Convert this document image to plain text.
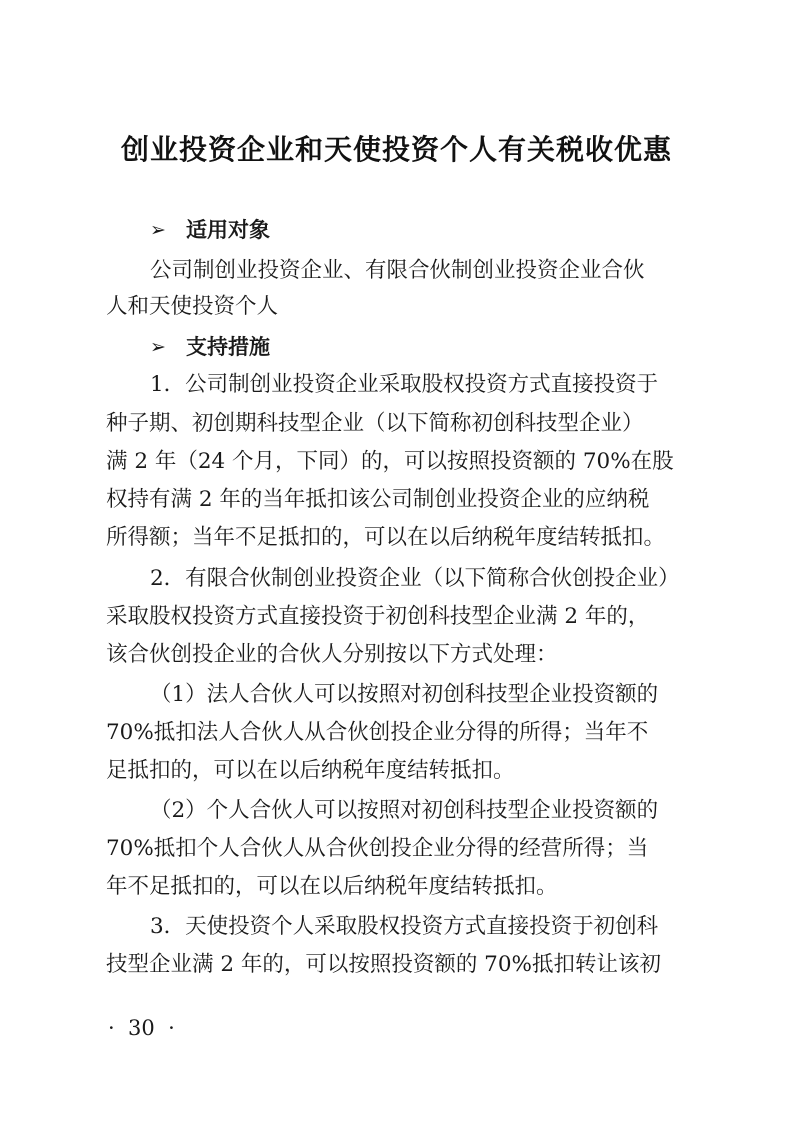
创业投资企业和天使投资个人有关税收优惠
➢ 适用对象
公司制创业投资企业、有限合伙制创业投资企业合伙
人和天使投资个人
➢ 支持措施
1．公司制创业投资企业采取股权投资方式直接投资于
种子期、初创期科技型企业（以下简称初创科技型企业）
满 2 年（24 个月，下同）的，可以按照投资额的 70%在股
权持有满 2 年的当年抵扣该公司制创业投资企业的应纳税
所得额；当年不足抵扣的，可以在以后纳税年度结转抵扣。
2．有限合伙制创业投资企业（以下简称合伙创投企业）
采取股权投资方式直接投资于初创科技型企业满 2 年的，
该合伙创投企业的合伙人分别按以下方式处理：
（1）法人合伙人可以按照对初创科技型企业投资额的
70%抵扣法人合伙人从合伙创投企业分得的所得；当年不
足抵扣的，可以在以后纳税年度结转抵扣。
（2）个人合伙人可以按照对初创科技型企业投资额的
70%抵扣个人合伙人从合伙创投企业分得的经营所得；当
年不足抵扣的，可以在以后纳税年度结转抵扣。
3．天使投资个人采取股权投资方式直接投资于初创科
技型企业满 2 年的，可以按照投资额的 70%抵扣转让该初
·  30  ·
